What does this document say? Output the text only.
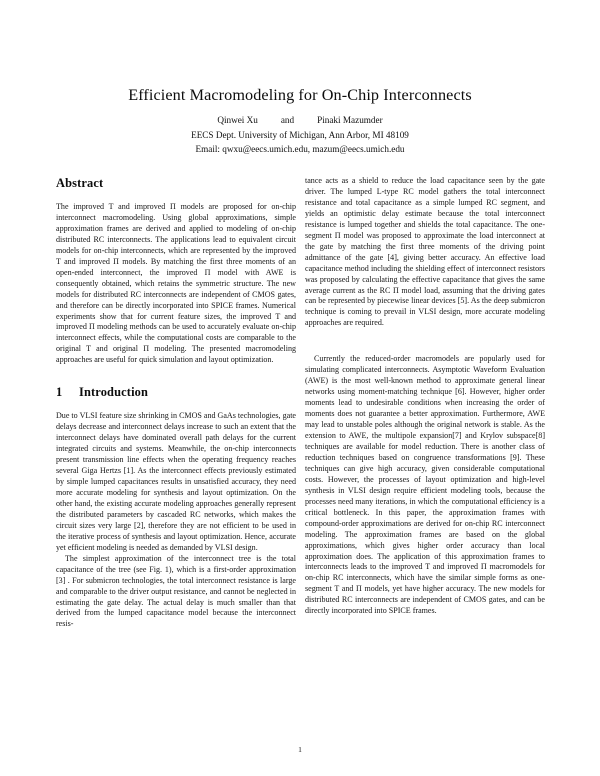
Efficient Macromodeling for On-Chip Interconnects
Qinwei Xu          and          Pinaki Mazumder
EECS Dept. University of Michigan, Ann Arbor, MI 48109
Email: qwxu@eecs.umich.edu, mazum@eecs.umich.edu
Abstract

The improved T and improved Π models are proposed for on-chip interconnect macromodeling. Using global approximations, simple approximation frames are derived and applied to modeling of on-chip distributed RC interconnects. The applications lead to equivalent circuit models for on-chip interconnects, which are represented by the improved T and improved Π models. By matching the first three moments of an open-ended interconnect, the improved Π model with AWE is consequently obtained, which retains the symmetric structure. The new models for distributed RC interconnects are independent of CMOS gates, and therefore can be directly incorporated into SPICE frames. Numerical experiments show that for current feature sizes, the improved T and improved Π modeling methods can be used to accurately evaluate on-chip interconnect effects, while the computational costs are comparable to the original T and original Π modeling. The presented macromodeling approaches are useful for quick simulation and layout optimization.

1 Introduction

Due to VLSI feature size shrinking in CMOS and GaAs technologies, gate delays decrease and interconnect delays increase to such an extent that the interconnect delays have dominated overall path delays for the current integrated circuits and systems. Meanwhile, the on-chip interconnects present transmission line effects when the operating frequency reaches several Giga Hertzs [1]. As the interconnect effects previously estimated by simple lumped capacitances results in unsatisfied accuracy, they need more accurate modeling for synthesis and layout optimization. On the other hand, the existing accurate modeling approaches generally represent the distributed parameters by cascaded RC networks, which makes the circuit sizes very large [2], therefore they are not efficient to be used in the iterative process of synthesis and layout optimization. Hence, accurate yet efficient modeling is needed as demanded by VLSI design.

The simplest approximation of the interconnect tree is the total capacitance of the tree (see Fig. 1), which is a first-order approximation [3] . For submicron technologies, the total interconnect resistance is large and comparable to the driver output resistance, and cannot be neglected in estimating the gate delay. The actual delay is much smaller than that derived from the lumped capacitance model because the interconnect resis-

tance acts as a shield to reduce the load capacitance seen by the gate driver. The lumped L-type RC model gathers the total interconnect resistance and total capacitance as a simple lumped RC segment, and yields an optimistic delay estimate because the total interconnect resistance is lumped together and shields the total capacitance. The one-segment Π model was proposed to approximate the load interconnect at the gate by matching the first three moments of the driving point admittance of the gate [4], giving better accuracy. An effective load capacitance method including the shielding effect of interconnect resistors was proposed by calculating the effective capacitance that gives the same average current as the RC Π model load, assuming that the driving gates can be represented by piecewise linear devices [5]. As the deep submicron technique is coming to prevail in VLSI design, more accurate modeling approaches are required.

Currently the reduced-order macromodels are popularly used for simulating complicated interconnects. Asymptotic Waveform Evaluation (AWE) is the most well-known method to approximate general linear networks using moment-matching technique [6]. However, higher order moments lead to undesirable conditions when increasing the order of moments does not guarantee a better approximation. Furthermore, AWE may lead to unstable poles although the original network is stable. As the extension to AWE, the multipole expansion[7] and Krylov subspace[8] techniques are available for model reduction. There is another class of reduction techniques based on congruence transformations [9]. These techniques can give high accuracy, given considerable computational costs. However, the processes of layout optimization and high-level synthesis in VLSI design require efficient modeling tools, because the processes need many iterations, in which the computational efficiency is a critical bottleneck. In this paper, the approximation frames with compound-order approximations are derived for on-chip RC interconnect modeling. The approximation frames are based on the global approximations, which gives higher order accuracy than local approximation does. The application of this approximation frames to interconnects leads to the improved T and improved Π macromodels for on-chip RC interconnects, which have the similar simple forms as one-segment T and Π models, yet have higher accuracy. The new models for distributed RC interconnects are independent of CMOS gates, and can be directly incorporated into SPICE frames.

1
